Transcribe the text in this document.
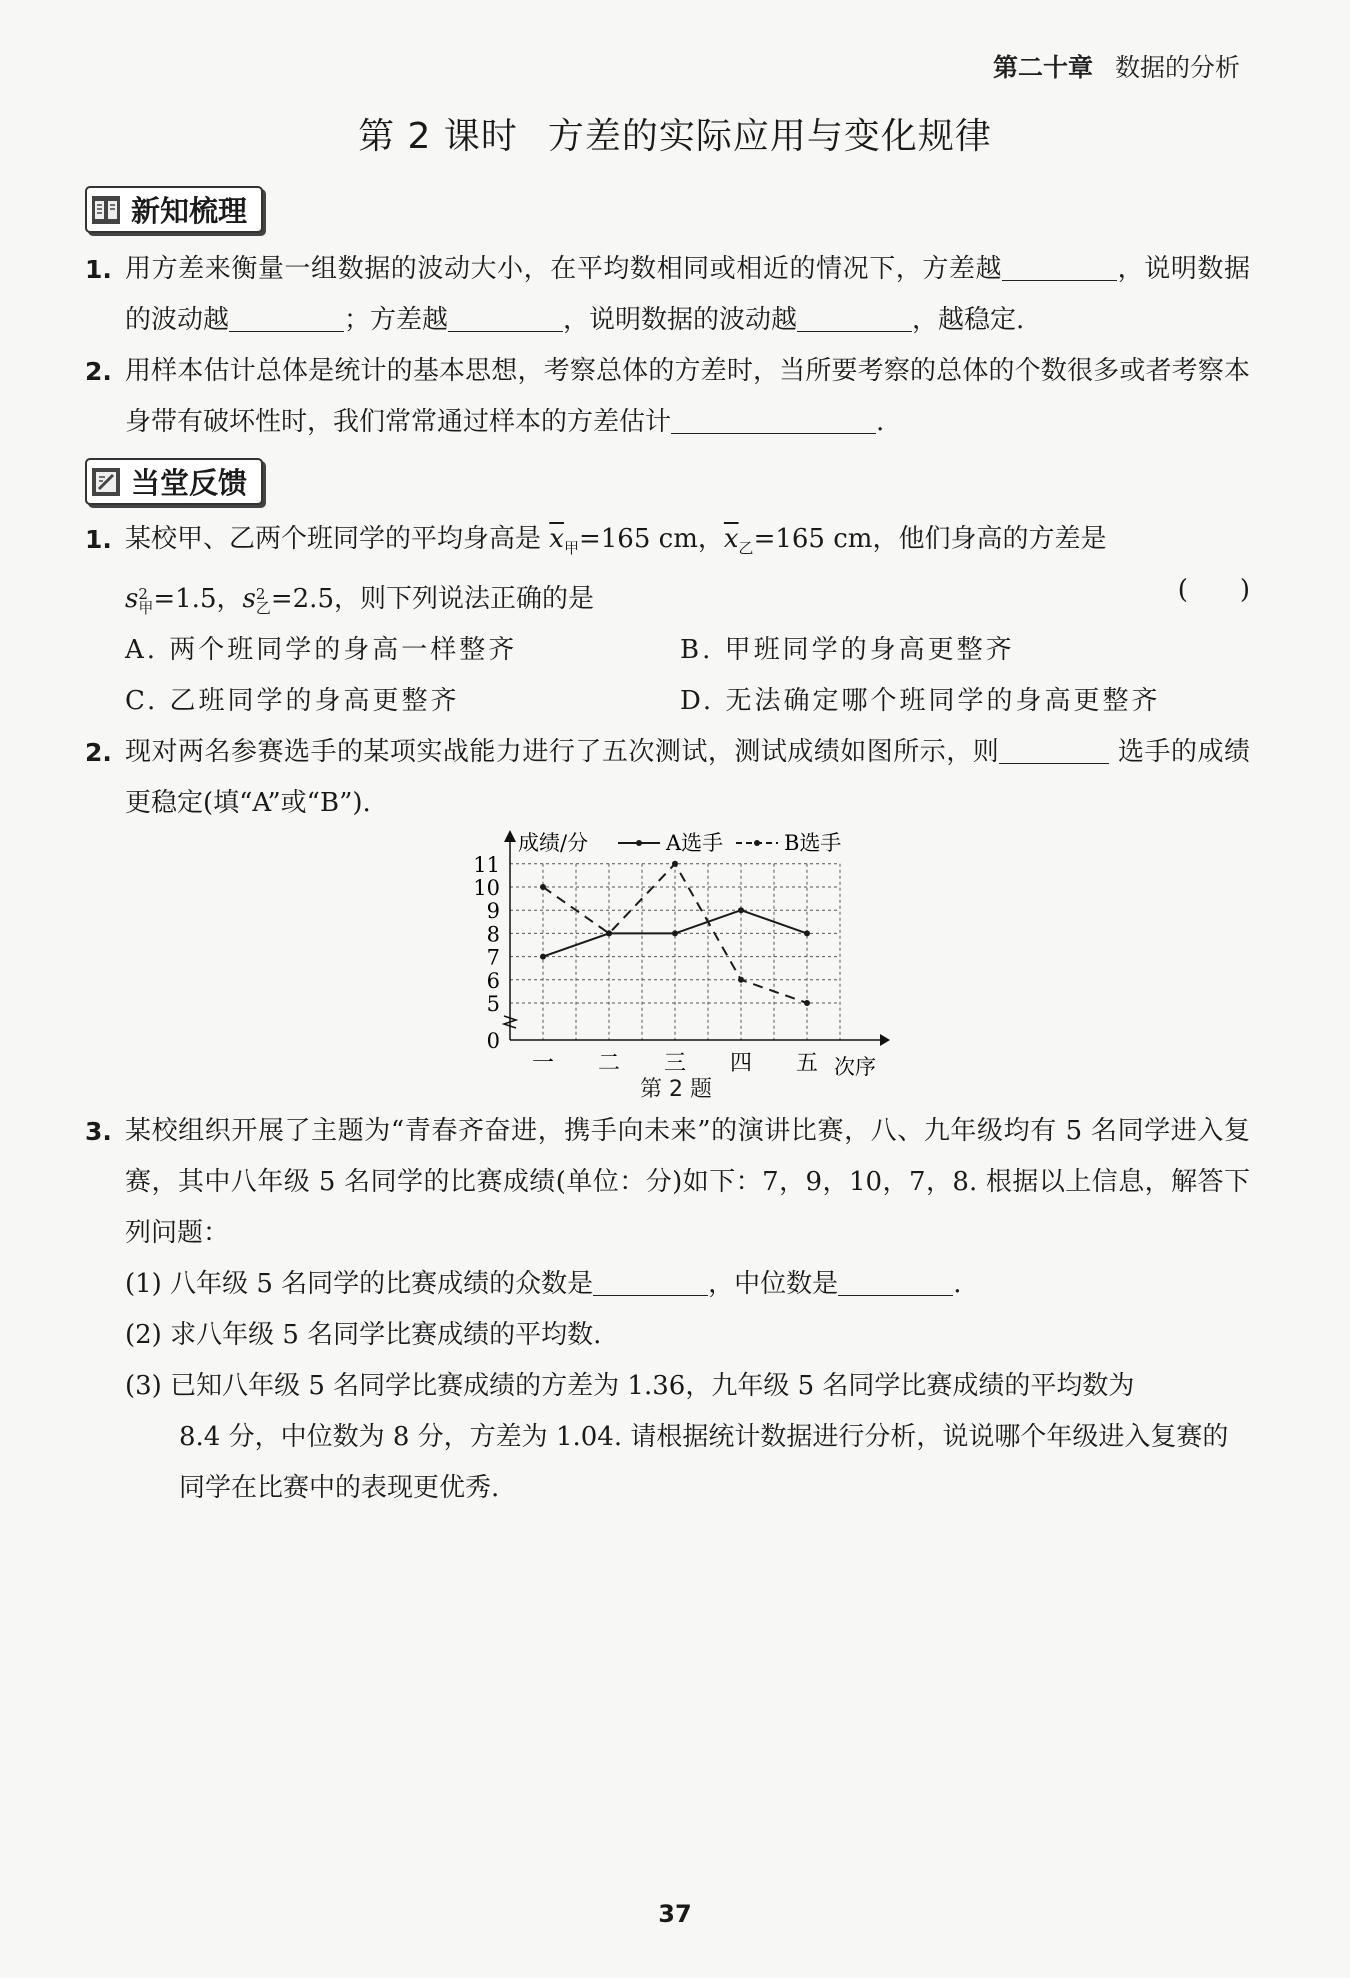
第二十章 数据的分析
第 2 课时 方差的实际应用与变化规律
新知梳理
1. 用方差来衡量一组数据的波动大小，在平均数相同或相近的情况下，方差越	，说明数据的波动越	；方差越	，说明数据的波动越	，越稳定.
2. 用样本估计总体是统计的基本思想，考察总体的方差时，当所要考察的总体的个数很多或者考察本身带有破坏性时，我们常常通过样本的方差估计	.
当堂反馈
1. 某校甲、乙两个班同学的平均身高是 $\overline{x}_甲=165$ cm，$\overline{x}_乙=165$ cm，他们身高的方差是
s2
甲=1.5，s2
乙=2.5，则下列说法正确的是	(　　)
A. 两个班同学的身高一样整齐	B. 甲班同学的身高更整齐
C. 乙班同学的身高更整齐	D. 无法确定哪个班同学的身高更整齐
2. 现对两名参赛选手的某项实战能力进行了五次测试，测试成绩如图所示，则	选手的成绩更稳定(填“A”或“B”).
0
5
6
7
8
9
10
11
一 二 三 四 五 次序
成绩/分	A选手	B选手
第 2 题
3. 某校组织开展了主题为“青春齐奋进，携手向未来”的演讲比赛，八、九年级均有 5 名同学进入复赛，其中八年级 5 名同学的比赛成绩(单位：分)如下：7，9，10，7，8. 根据以上信息，解答下列问题：
(1) 八年级 5 名同学的比赛成绩的众数是	，中位数是	.
(2) 求八年级 5 名同学比赛成绩的平均数.
(3) 已知八年级 5 名同学比赛成绩的方差为 1.36，九年级 5 名同学比赛成绩的平均数为
8.4 分，中位数为 8 分，方差为 1.04. 请根据统计数据进行分析，说说哪个年级进入复赛的同学在比赛中的表现更优秀.
37
